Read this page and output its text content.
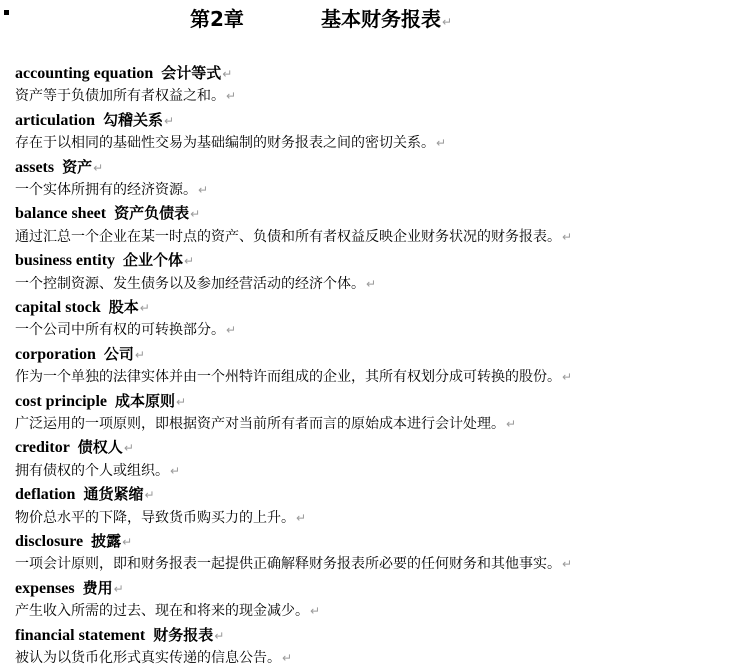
第2章	基本财务报表↵
accounting equation 会计等式↵
资产等于负债加所有者权益之和。↵
articulation 勾稽关系↵
存在于以相同的基础性交易为基础编制的财务报表之间的密切关系。↵
assets 资产↵
一个实体所拥有的经济资源。↵
balance sheet 资产负债表↵
通过汇总一个企业在某一时点的资产、负债和所有者权益反映企业财务状况的财务报表。↵
business entity 企业个体↵
一个控制资源、发生债务以及参加经营活动的经济个体。↵
capital stock 股本↵
一个公司中所有权的可转换部分。↵
corporation 公司↵
作为一个单独的法律实体并由一个州特许而组成的企业，其所有权划分成可转换的股份。↵
cost principle 成本原则↵
广泛运用的一项原则，即根据资产对当前所有者而言的原始成本进行会计处理。↵
creditor 债权人↵
拥有债权的个人或组织。↵
deflation 通货紧缩↵
物价总水平的下降，导致货币购买力的上升。↵
disclosure 披露↵
一项会计原则，即和财务报表一起提供正确解释财务报表所必要的任何财务和其他事实。↵
expenses 费用↵
产生收入所需的过去、现在和将来的现金减少。↵
financial statement 财务报表↵
被认为以货币化形式真实传递的信息公告。↵
